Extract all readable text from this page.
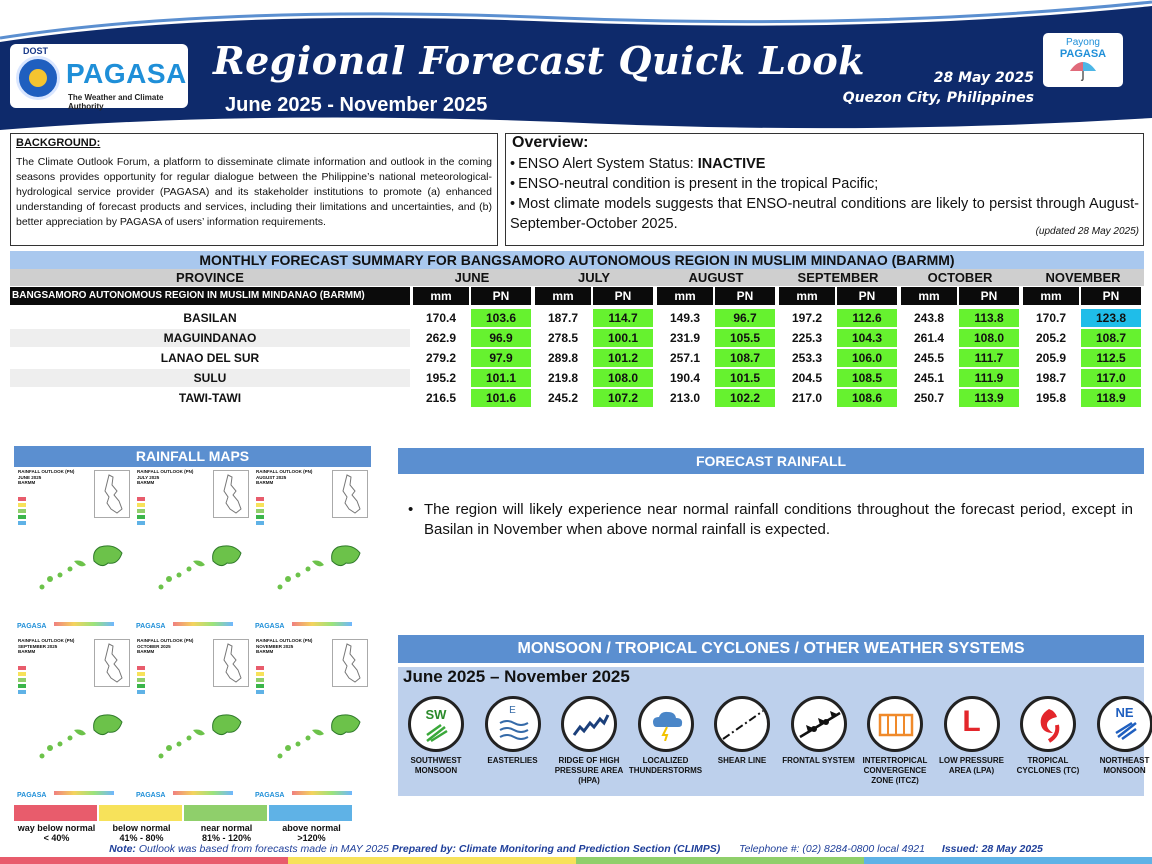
DOST
PAGASA
The Weather and Climate Authority
Regional Forecast Quick Look
June 2025 - November 2025
28 May 2025
Quezon City, Philippines
Payong
PAGASA
BACKGROUND:
The Climate Outlook Forum, a platform to disseminate climate information and outlook in the coming seasons provides opportunity for regular dialogue between the Philippine’s national meteorological-hydrological service provider (PAGASA) and its stakeholder institutions to promote (a) enhanced understanding of forecast products and services, including their limitations and uncertainties, and (b) better appreciation by PAGASA of users’ information requirements.
Overview:
• ENSO Alert System Status: INACTIVE
• ENSO-neutral condition is present in the tropical Pacific;
• Most climate models suggests that ENSO-neutral conditions are likely to persist through August-September-October 2025.	(updated 28 May 2025)
MONTHLY FORECAST SUMMARY FOR BANGSAMORO AUTONOMOUS REGION IN MUSLIM MINDANAO (BARMM)
PROVINCE	JUNE	JULY	AUGUST	SEPTEMBER	OCTOBER	NOVEMBER
BANGSAMORO AUTONOMOUS REGION IN MUSLIM MINDANAO (BARMM)	mm	PN	mm	PN	mm	PN	mm	PN	mm	PN	mm	PN
BASILAN	170.4	103.6	187.7	114.7	149.3	96.7	197.2	112.6	243.8	113.8	170.7	123.8
MAGUINDANAO	262.9	96.9	278.5	100.1	231.9	105.5	225.3	104.3	261.4	108.0	205.2	108.7
LANAO DEL SUR	279.2	97.9	289.8	101.2	257.1	108.7	253.3	106.0	245.5	111.7	205.9	112.5
SULU	195.2	101.1	219.8	108.0	190.4	101.5	204.5	108.5	245.1	111.9	198.7	117.0
TAWI-TAWI	216.5	101.6	245.2	107.2	213.0	102.2	217.0	108.6	250.7	113.9	195.8	118.9
RAINFALL MAPS
RAINFALL OUTLOOK (PN)
JUNE 2025
BARMM
PAGASA
RAINFALL OUTLOOK (PN)
JULY 2025
BARMM
PAGASA
RAINFALL OUTLOOK (PN)
AUGUST 2025
BARMM
PAGASA
RAINFALL OUTLOOK (PN)
SEPTEMBER 2025
BARMM
PAGASA
RAINFALL OUTLOOK (PN)
OCTOBER 2025
BARMM
PAGASA
RAINFALL OUTLOOK (PN)
NOVEMBER 2025
BARMM
PAGASA
way below normal
< 40%
below normal
41% - 80%
near normal
81% - 120%
above normal
>120%
FORECAST RAINFALL
• The region will likely experience near normal rainfall conditions throughout the forecast period, except in Basilan in November when above normal rainfall is expected.
MONSOON / TROPICAL CYCLONES / OTHER WEATHER SYSTEMS
June 2025 – November 2025
SW
SOUTHWEST MONSOON
E
EASTERLIES	RIDGE OF HIGH PRESSURE AREA (HPA)
LOCALIZED THUNDERSTORMS
SHEAR LINE	FRONTAL SYSTEM INTERTROPICAL CONVERGENCE ZONE (ITCZ)
L
LOW PRESSURE AREA (LPA)
TROPICAL CYCLONES (TC)
NE
NORTHEAST MONSOON
Note: Outlook was based from forecasts made in MAY 2025 Prepared by: Climate Monitoring and Prediction Section (CLIMPS) Telephone #: (02) 8284-0800 local 4921 Issued: 28 May 2025
